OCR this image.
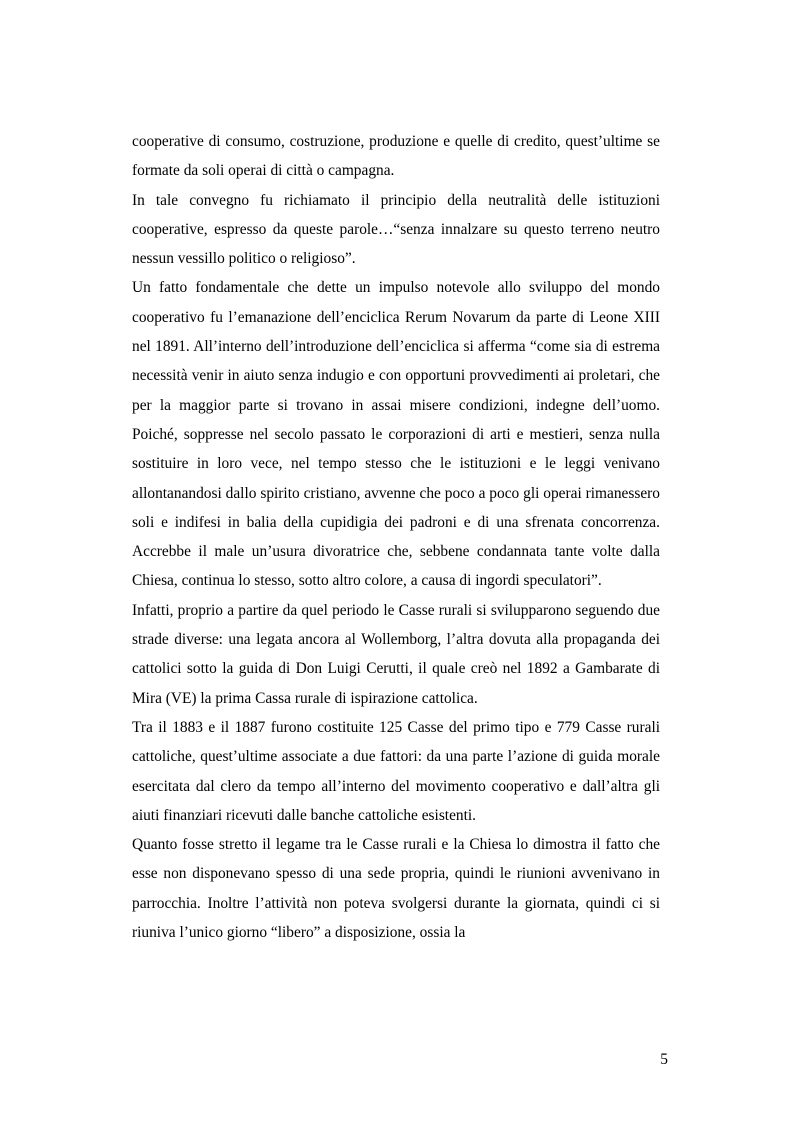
cooperative di consumo, costruzione, produzione e quelle di credito, quest’ultime se formate da soli operai di città o campagna.

In tale convegno fu richiamato il principio della neutralità delle istituzioni cooperative, espresso da queste parole…“senza innalzare su questo terreno neutro nessun vessillo politico o religioso”.

Un fatto fondamentale che dette un impulso notevole allo sviluppo del mondo cooperativo fu l’emanazione dell’enciclica Rerum Novarum da parte di Leone XIII nel 1891. All’interno dell’introduzione dell’enciclica si afferma “come sia di estrema necessità venir in aiuto senza indugio e con opportuni provvedimenti ai proletari, che per la maggior parte si trovano in assai misere condizioni, indegne dell’uomo. Poiché, soppresse nel secolo passato le corporazioni di arti e mestieri, senza nulla sostituire in loro vece, nel tempo stesso che le istituzioni e le leggi venivano allontanandosi dallo spirito cristiano, avvenne che poco a poco gli operai rimanessero soli e indifesi in balia della cupidigia dei padroni e di una sfrenata concorrenza. Accrebbe il male un’usura divoratrice che, sebbene condannata tante volte dalla Chiesa, continua lo stesso, sotto altro colore, a causa di ingordi speculatori”.

Infatti, proprio a partire da quel periodo le Casse rurali si svilupparono seguendo due strade diverse: una legata ancora al Wollemborg, l’altra dovuta alla propaganda dei cattolici sotto la guida di Don Luigi Cerutti, il quale creò nel 1892 a Gambarate di Mira (VE) la prima Cassa rurale di ispirazione cattolica.

Tra il 1883 e il 1887 furono costituite 125 Casse del primo tipo e 779 Casse rurali cattoliche, quest’ultime associate a due fattori: da una parte l’azione di guida morale esercitata dal clero da tempo all’interno del movimento cooperativo e dall’altra gli aiuti finanziari ricevuti dalle banche cattoliche esistenti.

Quanto fosse stretto il legame tra le Casse rurali e la Chiesa lo dimostra il fatto che esse non disponevano spesso di una sede propria, quindi le riunioni avvenivano in parrocchia. Inoltre l’attività non poteva svolgersi durante la giornata, quindi ci si riuniva l’unico giorno “libero” a disposizione, ossia la

5
